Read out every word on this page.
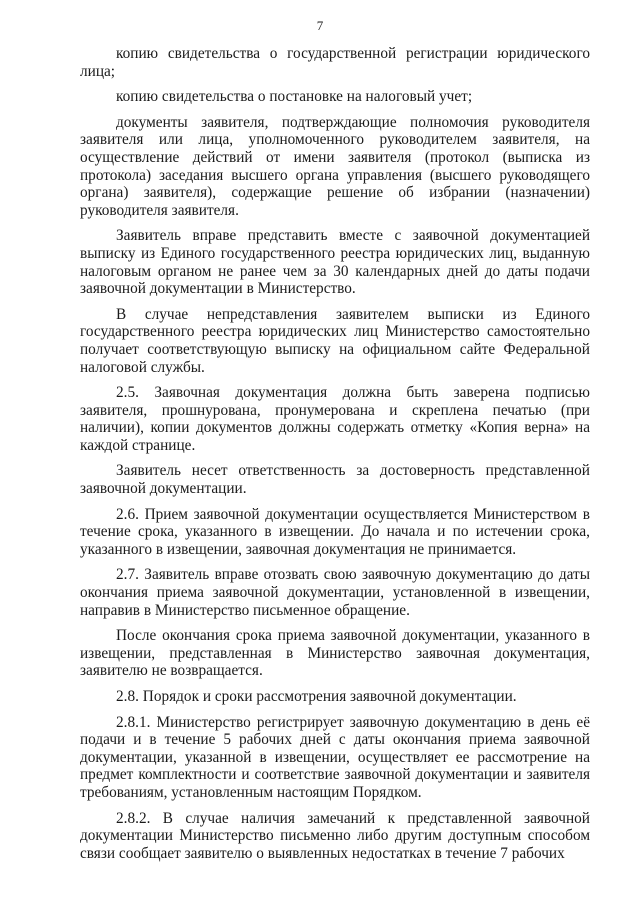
7

копию свидетельства о государственной регистрации юридического лица;

копию свидетельства о постановке на налоговый учет;

документы заявителя, подтверждающие полномочия руководителя заявителя или лица, уполномоченного руководителем заявителя, на осуществление действий от имени заявителя (протокол (выписка из протокола) заседания высшего органа управления (высшего руководящего органа) заявителя), содержащие решение об избрании (назначении) руководителя заявителя.

Заявитель вправе представить вместе с заявочной документацией выписку из Единого государственного реестра юридических лиц, выданную налоговым органом не ранее чем за 30 календарных дней до даты подачи заявочной документации в Министерство.

В случае непредставления заявителем выписки из Единого государственного реестра юридических лиц Министерство самостоятельно получает соответствующую выписку на официальном сайте Федеральной налоговой службы.

2.5. Заявочная документация должна быть заверена подписью заявителя, прошнурована, пронумерована и скреплена печатью (при наличии), копии документов должны содержать отметку «Копия верна» на каждой странице.

Заявитель несет ответственность за достоверность представленной заявочной документации.

2.6. Прием заявочной документации осуществляется Министерством в течение срока, указанного в извещении. До начала и по истечении срока, указанного в извещении, заявочная документация не принимается.

2.7. Заявитель вправе отозвать свою заявочную документацию до даты окончания приема заявочной документации, установленной в извещении, направив в Министерство письменное обращение.

После окончания срока приема заявочной документации, указанного в извещении, представленная в Министерство заявочная документация, заявителю не возвращается.

2.8. Порядок и сроки рассмотрения заявочной документации.

2.8.1. Министерство регистрирует заявочную документацию в день её подачи и в течение 5 рабочих дней с даты окончания приема заявочной документации, указанной в извещении, осуществляет ее рассмотрение на предмет комплектности и соответствие заявочной документации и заявителя требованиям, установленным настоящим Порядком.

2.8.2. В случае наличия замечаний к представленной заявочной документации Министерство письменно либо другим доступным способом связи сообщает заявителю о выявленных недостатках в течение 7 рабочих
